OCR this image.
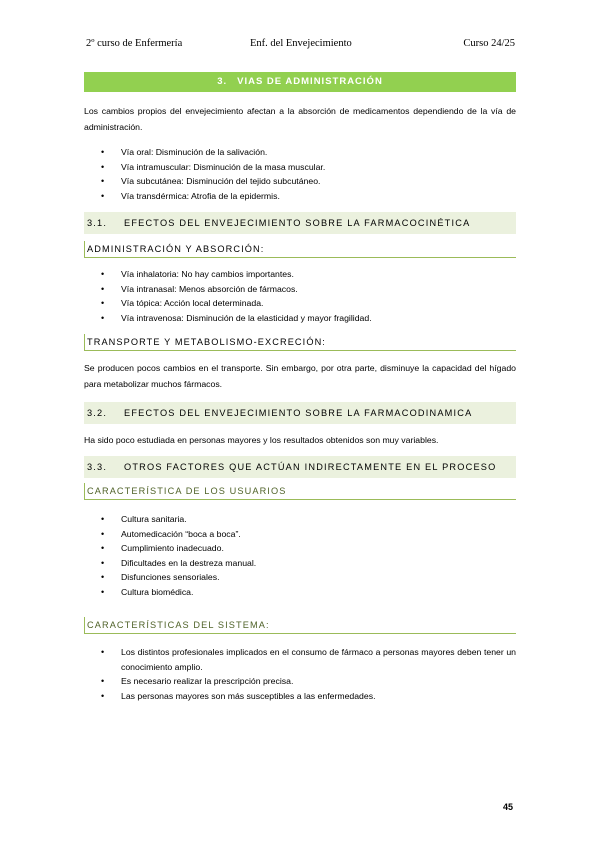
2º curso de Enfermería	Enf. del Envejecimiento	Curso 24/25
3. VIAS DE ADMINISTRACIÓN

Los cambios propios del envejecimiento afectan a la absorción de medicamentos dependiendo de la vía de administración.

• Vía oral: Disminución de la salivación.
• Vía intramuscular: Disminución de la masa muscular.
• Vía subcutánea: Disminución del tejido subcutáneo.
• Vía transdérmica: Atrofia de la epidermis.
3.1. EFECTOS DEL ENVEJECIMIENTO SOBRE LA FARMACOCINÉTICA
ADMINISTRACIÓN Y ABSORCIÓN:
• Vía inhalatoria: No hay cambios importantes.
• Vía intranasal: Menos absorción de fármacos.
• Vía tópica: Acción local determinada.
• Vía intravenosa: Disminución de la elasticidad y mayor fragilidad.
TRANSPORTE Y METABOLISMO-EXCRECIÓN:

Se producen pocos cambios en el transporte. Sin embargo, por otra parte, disminuye la capacidad del hígado para metabolizar muchos fármacos.

3.2. EFECTOS DEL ENVEJECIMIENTO SOBRE LA FARMACODINAMICA

Ha sido poco estudiada en personas mayores y los resultados obtenidos son muy variables.

3.3. OTROS FACTORES QUE ACTÚAN INDIRECTAMENTE EN EL PROCESO
CARACTERÍSTICA DE LOS USUARIOS
• Cultura sanitaria.
• Automedicación “boca a boca”.
• Cumplimiento inadecuado.
• Dificultades en la destreza manual.
• Disfunciones sensoriales.
• Cultura biomédica.
CARACTERÍSTICAS DEL SISTEMA:
• Los distintos profesionales implicados en el consumo de fármaco a personas mayores deben tener un conocimiento amplio.
• Es necesario realizar la prescripción precisa.
• Las personas mayores son más susceptibles a las enfermedades.
45
